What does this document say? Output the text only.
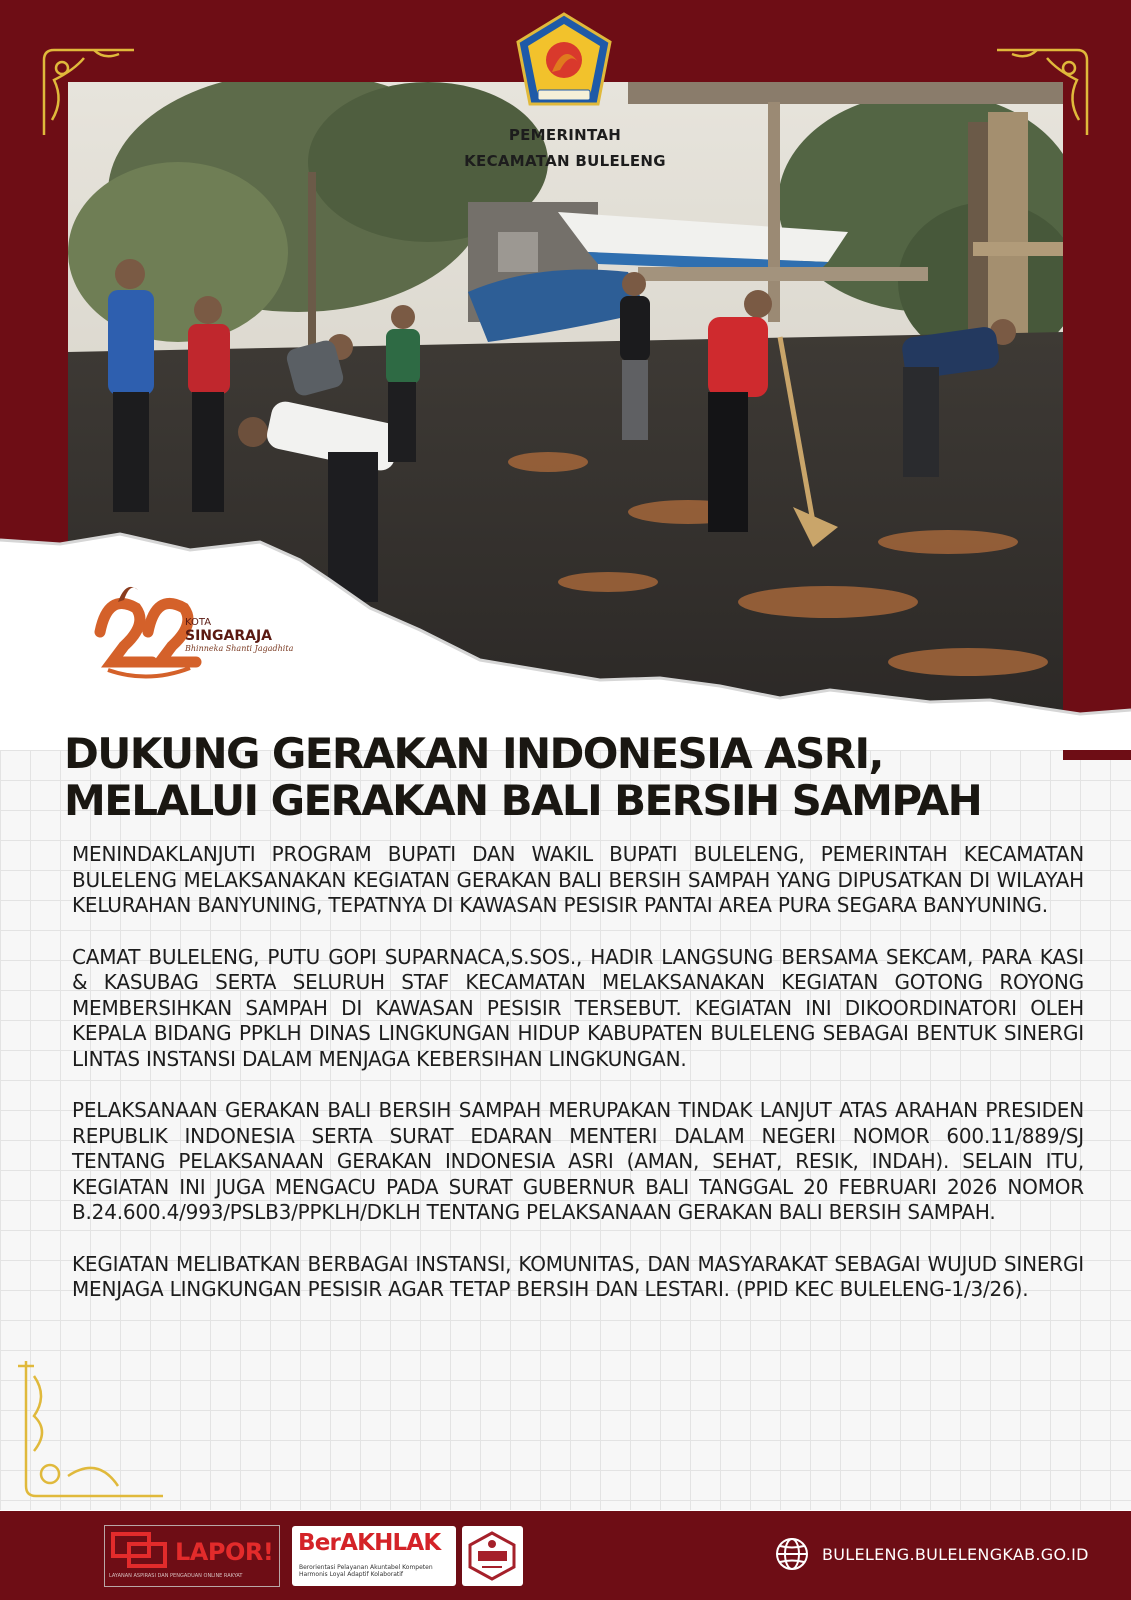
PEMERINTAH
KECAMATAN BULELENG
KOTA
SINGARAJA
Bhinneka Shanti Jagadhita
DUKUNG GERAKAN INDONESIA ASRI,
MELALUI GERAKAN BALI BERSIH SAMPAH

MENINDAKLANJUTI PROGRAM BUPATI DAN WAKIL BUPATI BULELENG, PEMERINTAH KECAMATAN BULELENG MELAKSANAKAN KEGIATAN GERAKAN BALI BERSIH SAMPAH YANG DIPUSATKAN DI WILAYAH KELURAHAN BANYUNING, TEPATNYA DI KAWASAN PESISIR PANTAI AREA PURA SEGARA BANYUNING.

CAMAT BULELENG, PUTU GOPI SUPARNACA,S.SOS., HADIR LANGSUNG BERSAMA SEKCAM, PARA KASI & KASUBAG SERTA SELURUH STAF KECAMATAN MELAKSANAKAN KEGIATAN GOTONG ROYONG MEMBERSIHKAN SAMPAH DI KAWASAN PESISIR TERSEBUT. KEGIATAN INI DIKOORDINATORI OLEH KEPALA BIDANG PPKLH DINAS LINGKUNGAN HIDUP KABUPATEN BULELENG SEBAGAI BENTUK SINERGI LINTAS INSTANSI DALAM MENJAGA KEBERSIHAN LINGKUNGAN.

PELAKSANAAN GERAKAN BALI BERSIH SAMPAH MERUPAKAN TINDAK LANJUT ATAS ARAHAN PRESIDEN REPUBLIK INDONESIA SERTA SURAT EDARAN MENTERI DALAM NEGERI NOMOR 600.11/889/SJ TENTANG PELAKSANAAN GERAKAN INDONESIA ASRI (AMAN, SEHAT, RESIK, INDAH). SELAIN ITU, KEGIATAN INI JUGA MENGACU PADA SURAT GUBERNUR BALI TANGGAL 20 FEBRUARI 2026 NOMOR B.24.600.4/993/PSLB3/PPKLH/DKLH TENTANG PELAKSANAAN GERAKAN BALI BERSIH SAMPAH.

KEGIATAN MELIBATKAN BERBAGAI INSTANSI, KOMUNITAS, DAN MASYARAKAT SEBAGAI WUJUD SINERGI MENJAGA LINGKUNGAN PESISIR AGAR TETAP BERSIH DAN LESTARI. (PPID KEC BULELENG-1/3/26).

LAPOR!
LAYANAN ASPIRASI DAN PENGADUAN ONLINE RAKYAT
BerAKHLAK
Berorientasi Pelayanan Akuntabel Kompeten Harmonis Loyal Adaptif Kolaboratif
BULELENG.BULELENGKAB.GO.ID
